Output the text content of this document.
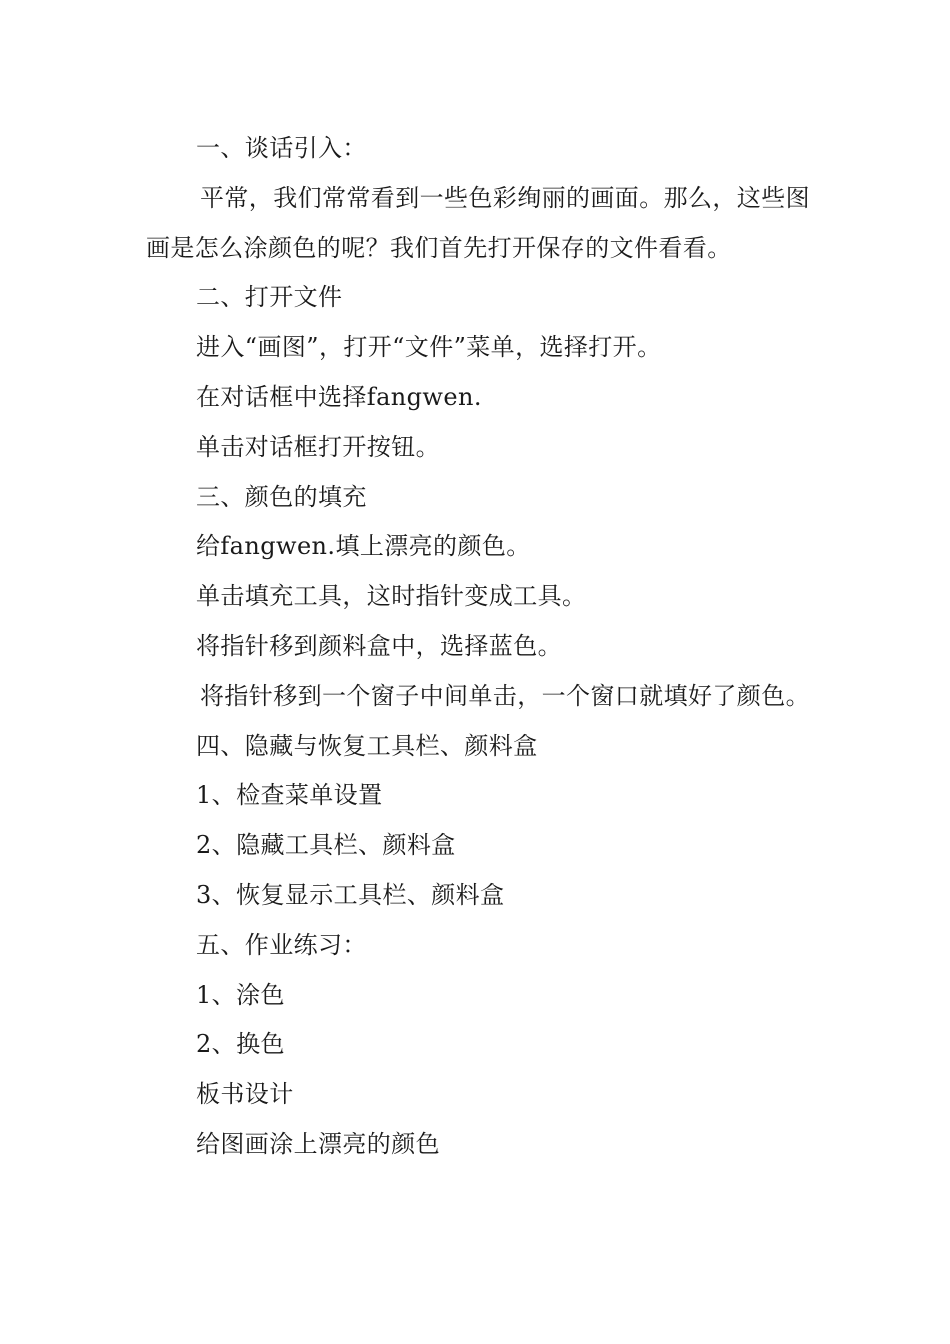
一、谈话引入：

平常，我们常常看到一些色彩绚丽的画面。那么，这些图画是怎么涂颜色的呢？我们首先打开保存的文件看看。

二、打开文件

进入“画图”，打开“文件”菜单，选择打开。

在对话框中选择fangwen.

单击对话框打开按钮。

三、颜色的填充

给fangwen.填上漂亮的颜色。

单击填充工具，这时指针变成工具。

将指针移到颜料盒中，选择蓝色。

将指针移到一个窗子中间单击，一个窗口就填好了颜色。

四、隐藏与恢复工具栏、颜料盒

1、检查菜单设置

2、隐藏工具栏、颜料盒

3、恢复显示工具栏、颜料盒

五、作业练习：

1、涂色

2、换色

板书设计

给图画涂上漂亮的颜色
